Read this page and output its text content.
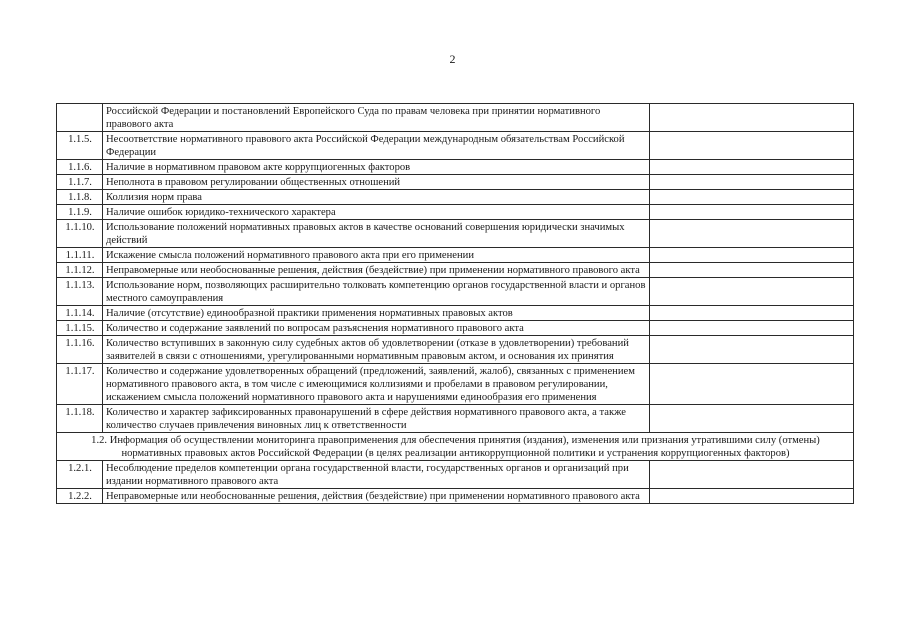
2
	Российской Федерации и постановлений Европейского Суда по правам человека при принятии нормативного правового акта	
1.1.5.	Несоответствие нормативного правового акта Российской Федерации международным обязательствам Российской Федерации	
1.1.6.	Наличие в нормативном правовом акте коррупциогенных факторов	
1.1.7.	Неполнота в правовом регулировании общественных отношений	
1.1.8.	Коллизия норм права	
1.1.9.	Наличие ошибок юридико-технического характера	
1.1.10.	Использование положений нормативных правовых актов в качестве оснований совершения юридически значимых действий	
1.1.11.	Искажение смысла положений нормативного правового акта при его применении	
1.1.12.	Неправомерные или необоснованные решения, действия (бездействие) при применении нормативного правового акта	
1.1.13.	Использование норм, позволяющих расширительно толковать компетенцию органов государственной власти и органов местного самоуправления	
1.1.14.	Наличие (отсутствие) единообразной практики применения нормативных правовых актов	
1.1.15.	Количество и содержание заявлений по вопросам разъяснения нормативного правового акта	
1.1.16.	Количество вступивших в законную силу судебных актов об удовлетворении (отказе в удовлетворении) требований заявителей в связи с отношениями, урегулированными нормативным правовым актом, и основания их принятия	
1.1.17.	Количество и содержание удовлетворенных обращений (предложений, заявлений, жалоб), связанных с применением нормативного правового акта, в том числе с имеющимися коллизиями и пробелами в правовом регулировании, искажением смысла положений нормативного правового акта и нарушениями единообразия его применения	
1.1.18.	Количество и характер зафиксированных правонарушений в сфере действия нормативного правового акта, а также количество случаев привлечения виновных лиц к ответственности	
1.2. Информация об осуществлении мониторинга правоприменения для обеспечения принятия (издания), изменения или признания утратившими силу (отмены) нормативных правовых актов Российской Федерации (в целях реализации антикоррупционной политики и устранения коррупциогенных факторов)		
1.2.1.	Несоблюдение пределов компетенции органа государственной власти, государственных органов и организаций при издании нормативного правового акта	
1.2.2.	Неправомерные или необоснованные решения, действия (бездействие) при применении нормативного правового акта	
